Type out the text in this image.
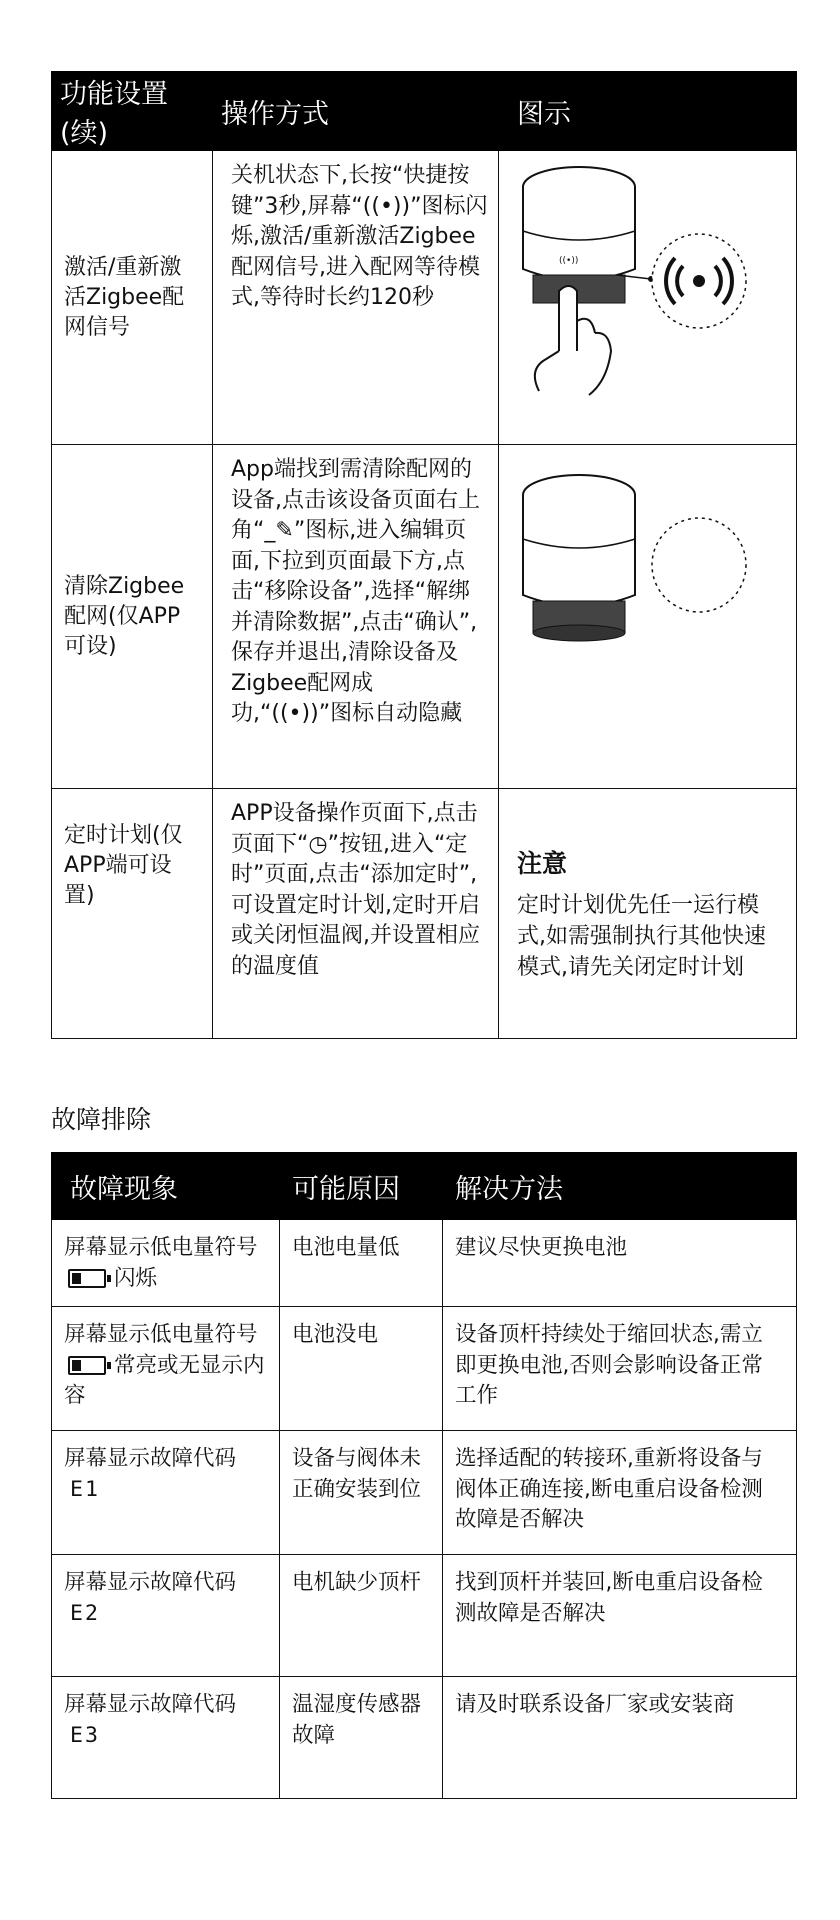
功能设置(续)	操作方式	图示
激活/重新激活Zigbee配网信号	关机状态下,长按“快捷按键”3秒,屏幕“((•))”图标闪烁,激活/重新激活Zigbee配网信号,进入配网等待模式,等待时长约120秒	((•))

清除Zigbee配网(仅APP可设)	App端找到需清除配网的设备,点击该设备页面右上角“_✎”图标,进入编辑页面,下拉到页面最下方,点击“移除设备”,选择“解绑并清除数据”,点击“确认”,保存并退出,清除设备及Zigbee配网成功,“((•))”图标自动隐藏	
定时计划(仅APP端可设置)	APP设备操作页面下,点击页面下“◷”按钮,进入“定时”页面,点击“添加定时”,可设置定时计划,定时开启或关闭恒温阀,并设置相应的温度值	注意
定时计划优先任一运行模式,如需强制执行其他快速模式,请先关闭定时计划
故障排除
故障现象	可能原因	解决方法
屏幕显示低电量符号闪烁	电池电量低	建议尽快更换电池
屏幕显示低电量符号常亮或无显示内容	电池没电	设备顶杆持续处于缩回状态,需立即更换电池,否则会影响设备正常工作
屏幕显示故障代码E1	设备与阀体未正确安装到位	选择适配的转接环,重新将设备与阀体正确连接,断电重启设备检测故障是否解决
屏幕显示故障代码E2	电机缺少顶杆	找到顶杆并装回,断电重启设备检测故障是否解决
屏幕显示故障代码E3	温湿度传感器故障	请及时联系设备厂家或安装商
